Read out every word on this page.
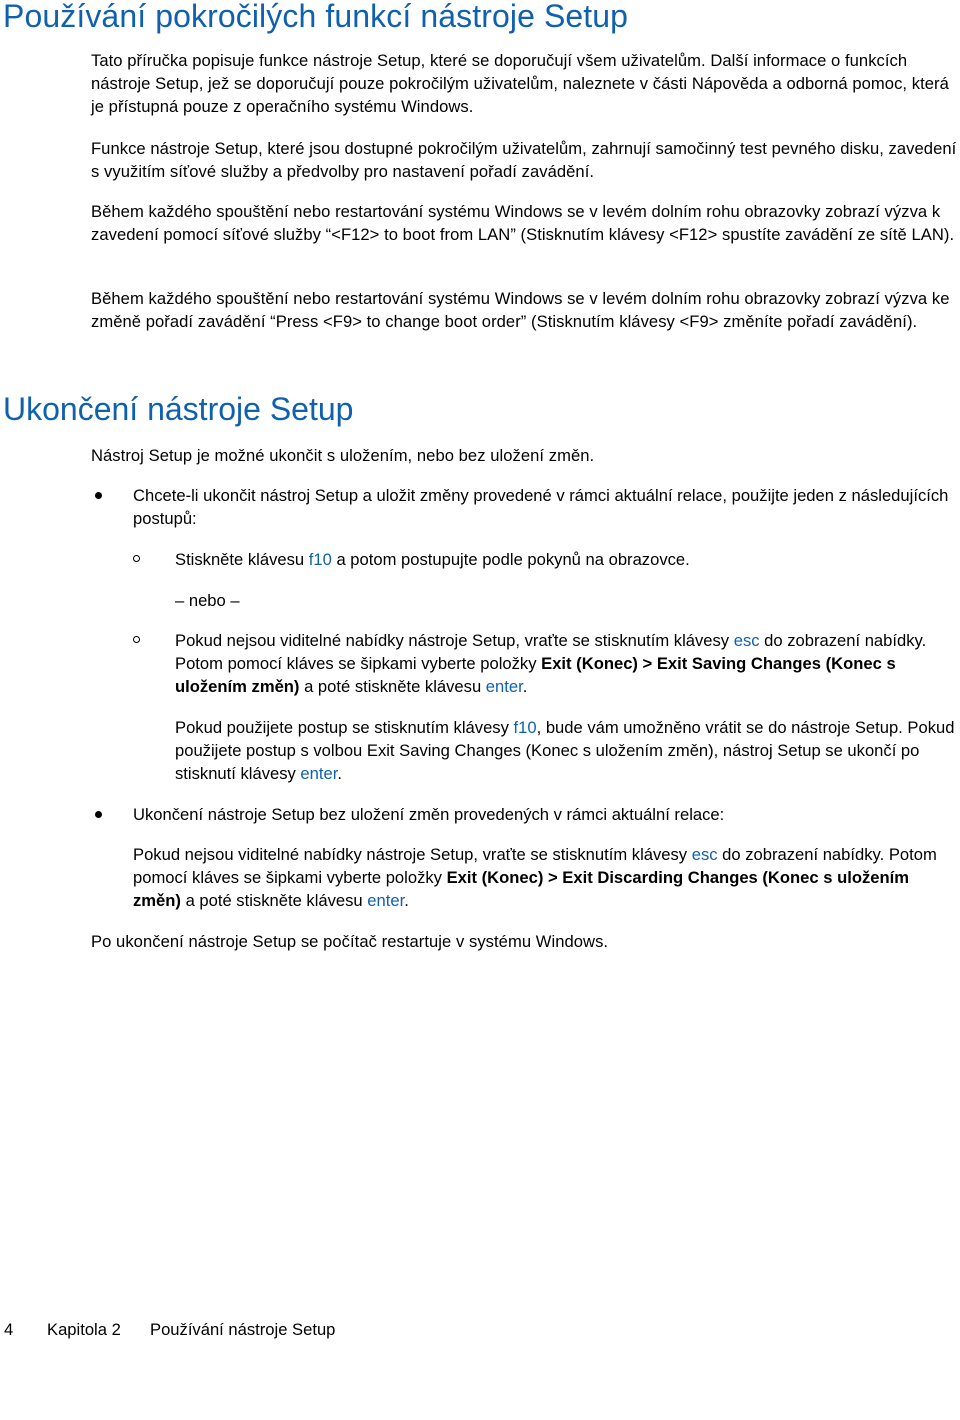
Používání pokročilých funkcí nástroje Setup

Tato příručka popisuje funkce nástroje Setup, které se doporučují všem uživatelům. Další informace o funkcích nástroje Setup, jež se doporučují pouze pokročilým uživatelům, naleznete v části Nápověda a odborná pomoc, která je přístupná pouze z operačního systému Windows.

Funkce nástroje Setup, které jsou dostupné pokročilým uživatelům, zahrnují samočinný test pevného disku, zavedení s využitím síťové služby a předvolby pro nastavení pořadí zavádění.

Během každého spouštění nebo restartování systému Windows se v levém dolním rohu obrazovky zobrazí výzva k zavedení pomocí síťové služby “<F12> to boot from LAN” (Stisknutím klávesy <F12> spustíte zavádění ze sítě LAN).

Během každého spouštění nebo restartování systému Windows se v levém dolním rohu obrazovky zobrazí výzva ke změně pořadí zavádění “Press <F9> to change boot order” (Stisknutím klávesy <F9> změníte pořadí zavádění).

Ukončení nástroje Setup

Nástroj Setup je možné ukončit s uložením, nebo bez uložení změn.

Chcete-li ukončit nástroj Setup a uložit změny provedené v rámci aktuální relace, použijte jeden z následujících postupů:

Stiskněte klávesu f10 a potom postupujte podle pokynů na obrazovce.

– nebo –

Pokud nejsou viditelné nabídky nástroje Setup, vraťte se stisknutím klávesy esc do zobrazení nabídky. Potom pomocí kláves se šipkami vyberte položky Exit (Konec) > Exit Saving Changes (Konec s uložením změn) a poté stiskněte klávesu enter.

Pokud použijete postup se stisknutím klávesy f10, bude vám umožněno vrátit se do nástroje Setup. Pokud použijete postup s volbou Exit Saving Changes (Konec s uložením změn), nástroj Setup se ukončí po stisknutí klávesy enter.

Ukončení nástroje Setup bez uložení změn provedených v rámci aktuální relace:

Pokud nejsou viditelné nabídky nástroje Setup, vraťte se stisknutím klávesy esc do zobrazení nabídky. Potom pomocí kláves se šipkami vyberte položky Exit (Konec) > Exit Discarding Changes (Konec s uložením změn) a poté stiskněte klávesu enter.

Po ukončení nástroje Setup se počítač restartuje v systému Windows.

4

Kapitola 2

Používání nástroje Setup
